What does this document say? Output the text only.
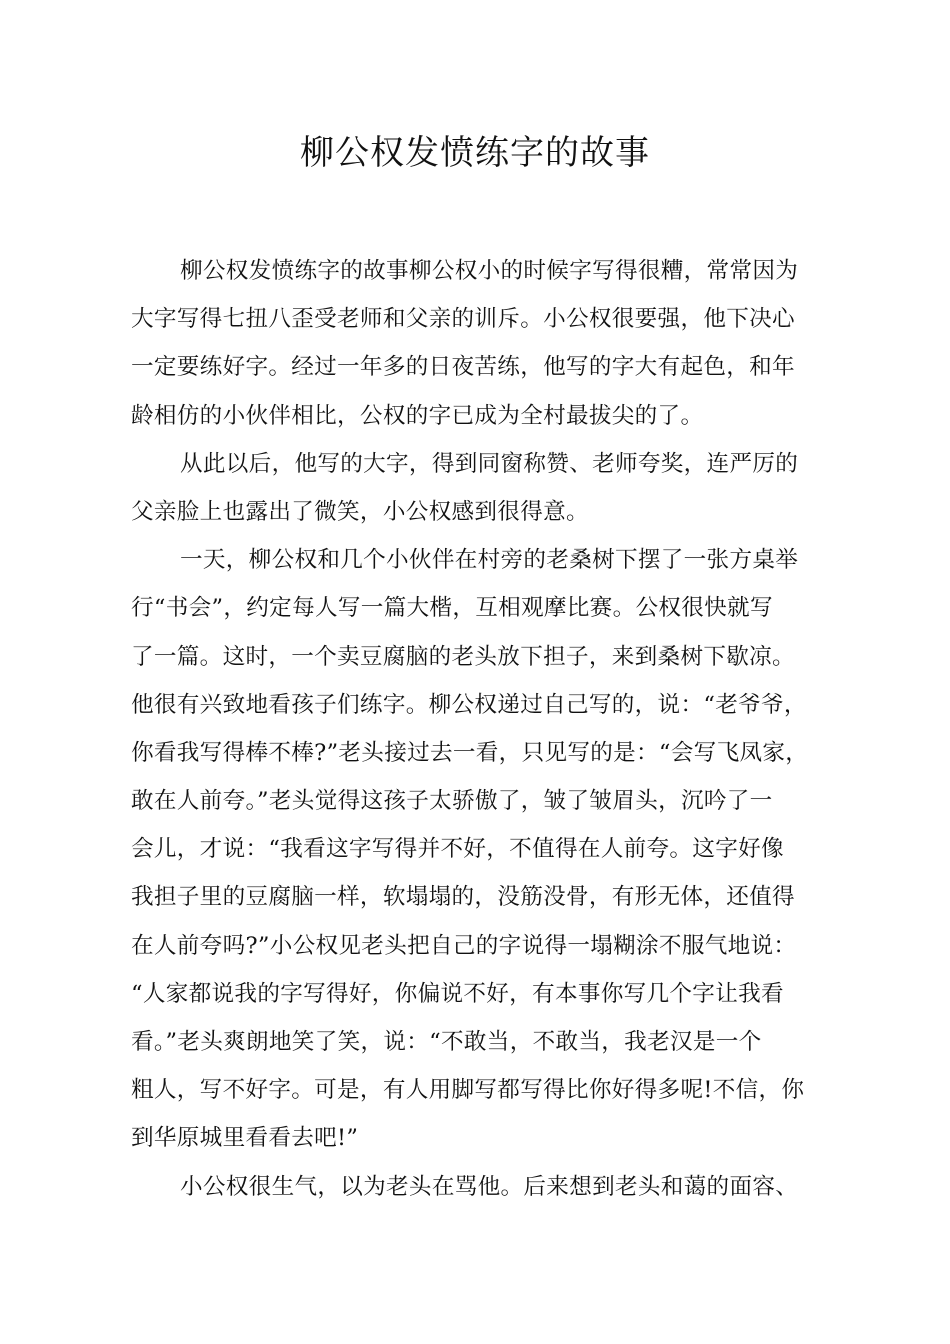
柳公权发愤练字的故事

柳公权发愤练字的故事柳公权小的时候字写得很糟，常常因为
大字写得七扭八歪受老师和父亲的训斥。小公权很要强，他下决心
一定要练好字。经过一年多的日夜苦练，他写的字大有起色，和年
龄相仿的小伙伴相比，公权的字已成为全村最拔尖的了。

从此以后，他写的大字，得到同窗称赞、老师夸奖，连严厉的
父亲脸上也露出了微笑，小公权感到很得意。

一天，柳公权和几个小伙伴在村旁的老桑树下摆了一张方桌举
行“书会”，约定每人写一篇大楷，互相观摩比赛。公权很快就写
了一篇。这时，一个卖豆腐脑的老头放下担子，来到桑树下歇凉。
他很有兴致地看孩子们练字。柳公权递过自己写的，说：“老爷爷，
你看我写得棒不棒?”老头接过去一看，只见写的是：“会写飞凤家，
敢在人前夸。”老头觉得这孩子太骄傲了，皱了皱眉头，沉吟了一
会儿，才说：“我看这字写得并不好，不值得在人前夸。这字好像
我担子里的豆腐脑一样，软塌塌的，没筋没骨，有形无体，还值得
在人前夸吗?”小公权见老头把自己的字说得一塌糊涂不服气地说：
“人家都说我的字写得好，你偏说不好，有本事你写几个字让我看
看。”老头爽朗地笑了笑，说：“不敢当，不敢当，我老汉是一个
粗人，写不好字。可是，有人用脚写都写得比你好得多呢!不信，你
到华原城里看看去吧!”

小公权很生气，以为老头在骂他。后来想到老头和蔼的面容、
